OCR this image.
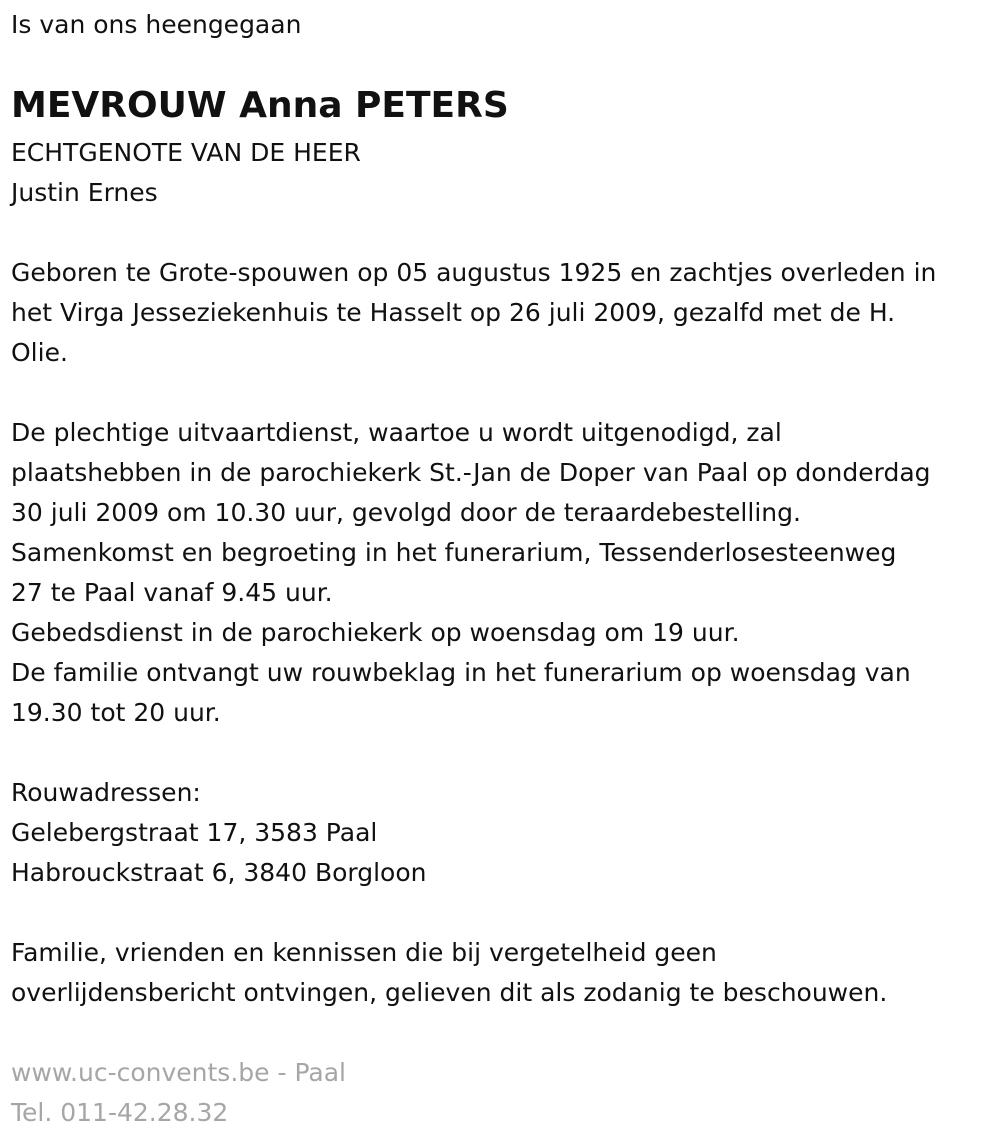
Is van ons heengegaan
MEVROUW Anna PETERS
ECHTGENOTE VAN DE HEER
Justin Ernes
Geboren te Grote-spouwen op 05 augustus 1925 en zachtjes overleden in
het Virga Jesseziekenhuis te Hasselt op 26 juli 2009, gezalfd met de H.
Olie.
De plechtige uitvaartdienst, waartoe u wordt uitgenodigd, zal
plaatshebben in de parochiekerk St.-Jan de Doper van Paal op donderdag
30 juli 2009 om 10.30 uur, gevolgd door de teraardebestelling.
Samenkomst en begroeting in het funerarium, Tessenderlosesteenweg
27 te Paal vanaf 9.45 uur.
Gebedsdienst in de parochiekerk op woensdag om 19 uur.
De familie ontvangt uw rouwbeklag in het funerarium op woensdag van
19.30 tot 20 uur.
Rouwadressen:
Gelebergstraat 17, 3583 Paal
Habrouckstraat 6, 3840 Borgloon
Familie, vrienden en kennissen die bij vergetelheid geen
overlijdensbericht ontvingen, gelieven dit als zodanig te beschouwen.
www.uc-convents.be - Paal
Tel. 011-42.28.32
